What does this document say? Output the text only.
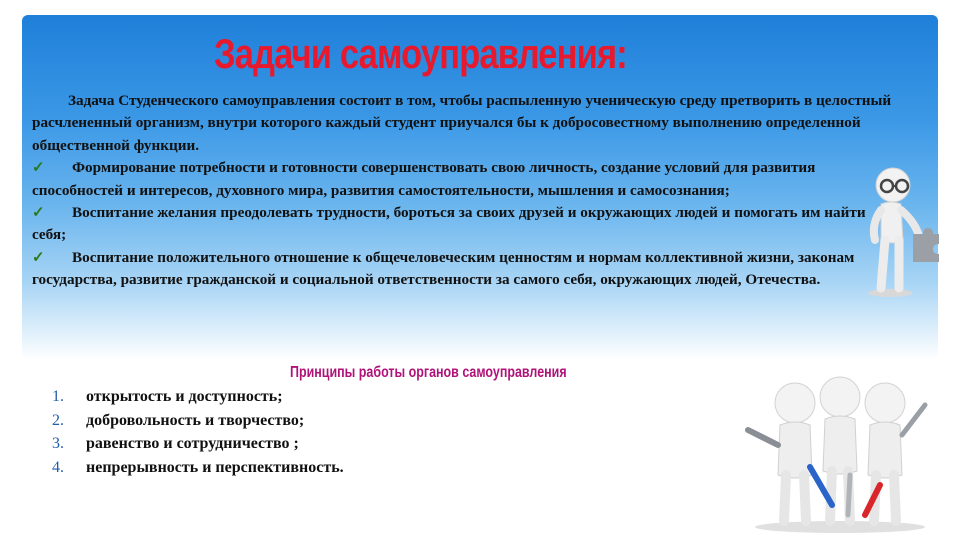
Задачи самоуправления:

Задача Студенческого самоуправления состоит в том, чтобы распыленную ученическую среду претворить в целостный расчлененный организм, внутри которого каждый студент приучался бы к добросовестному выполнению определенной общественной функции.

✓ Формирование потребности и готовности совершенствовать свою личность, создание условий для развития способностей и интересов, духовного мира, развития самостоятельности, мышления и самосознания;

✓ Воспитание желания преодолевать трудности, бороться за своих друзей и окружающих людей и помогать им найти себя;

✓ Воспитание положительного отношение к общечеловеческим ценностям и нормам коллективной жизни, законам государства, развитие гражданской и социальной ответственности за самого себя, окружающих людей, Отечества.

Принципы работы органов самоуправления
1.	открытость и доступность;
2.	добровольность и творчество;
3.	равенство и сотрудничество ;
4.	непрерывность и перспективность.
